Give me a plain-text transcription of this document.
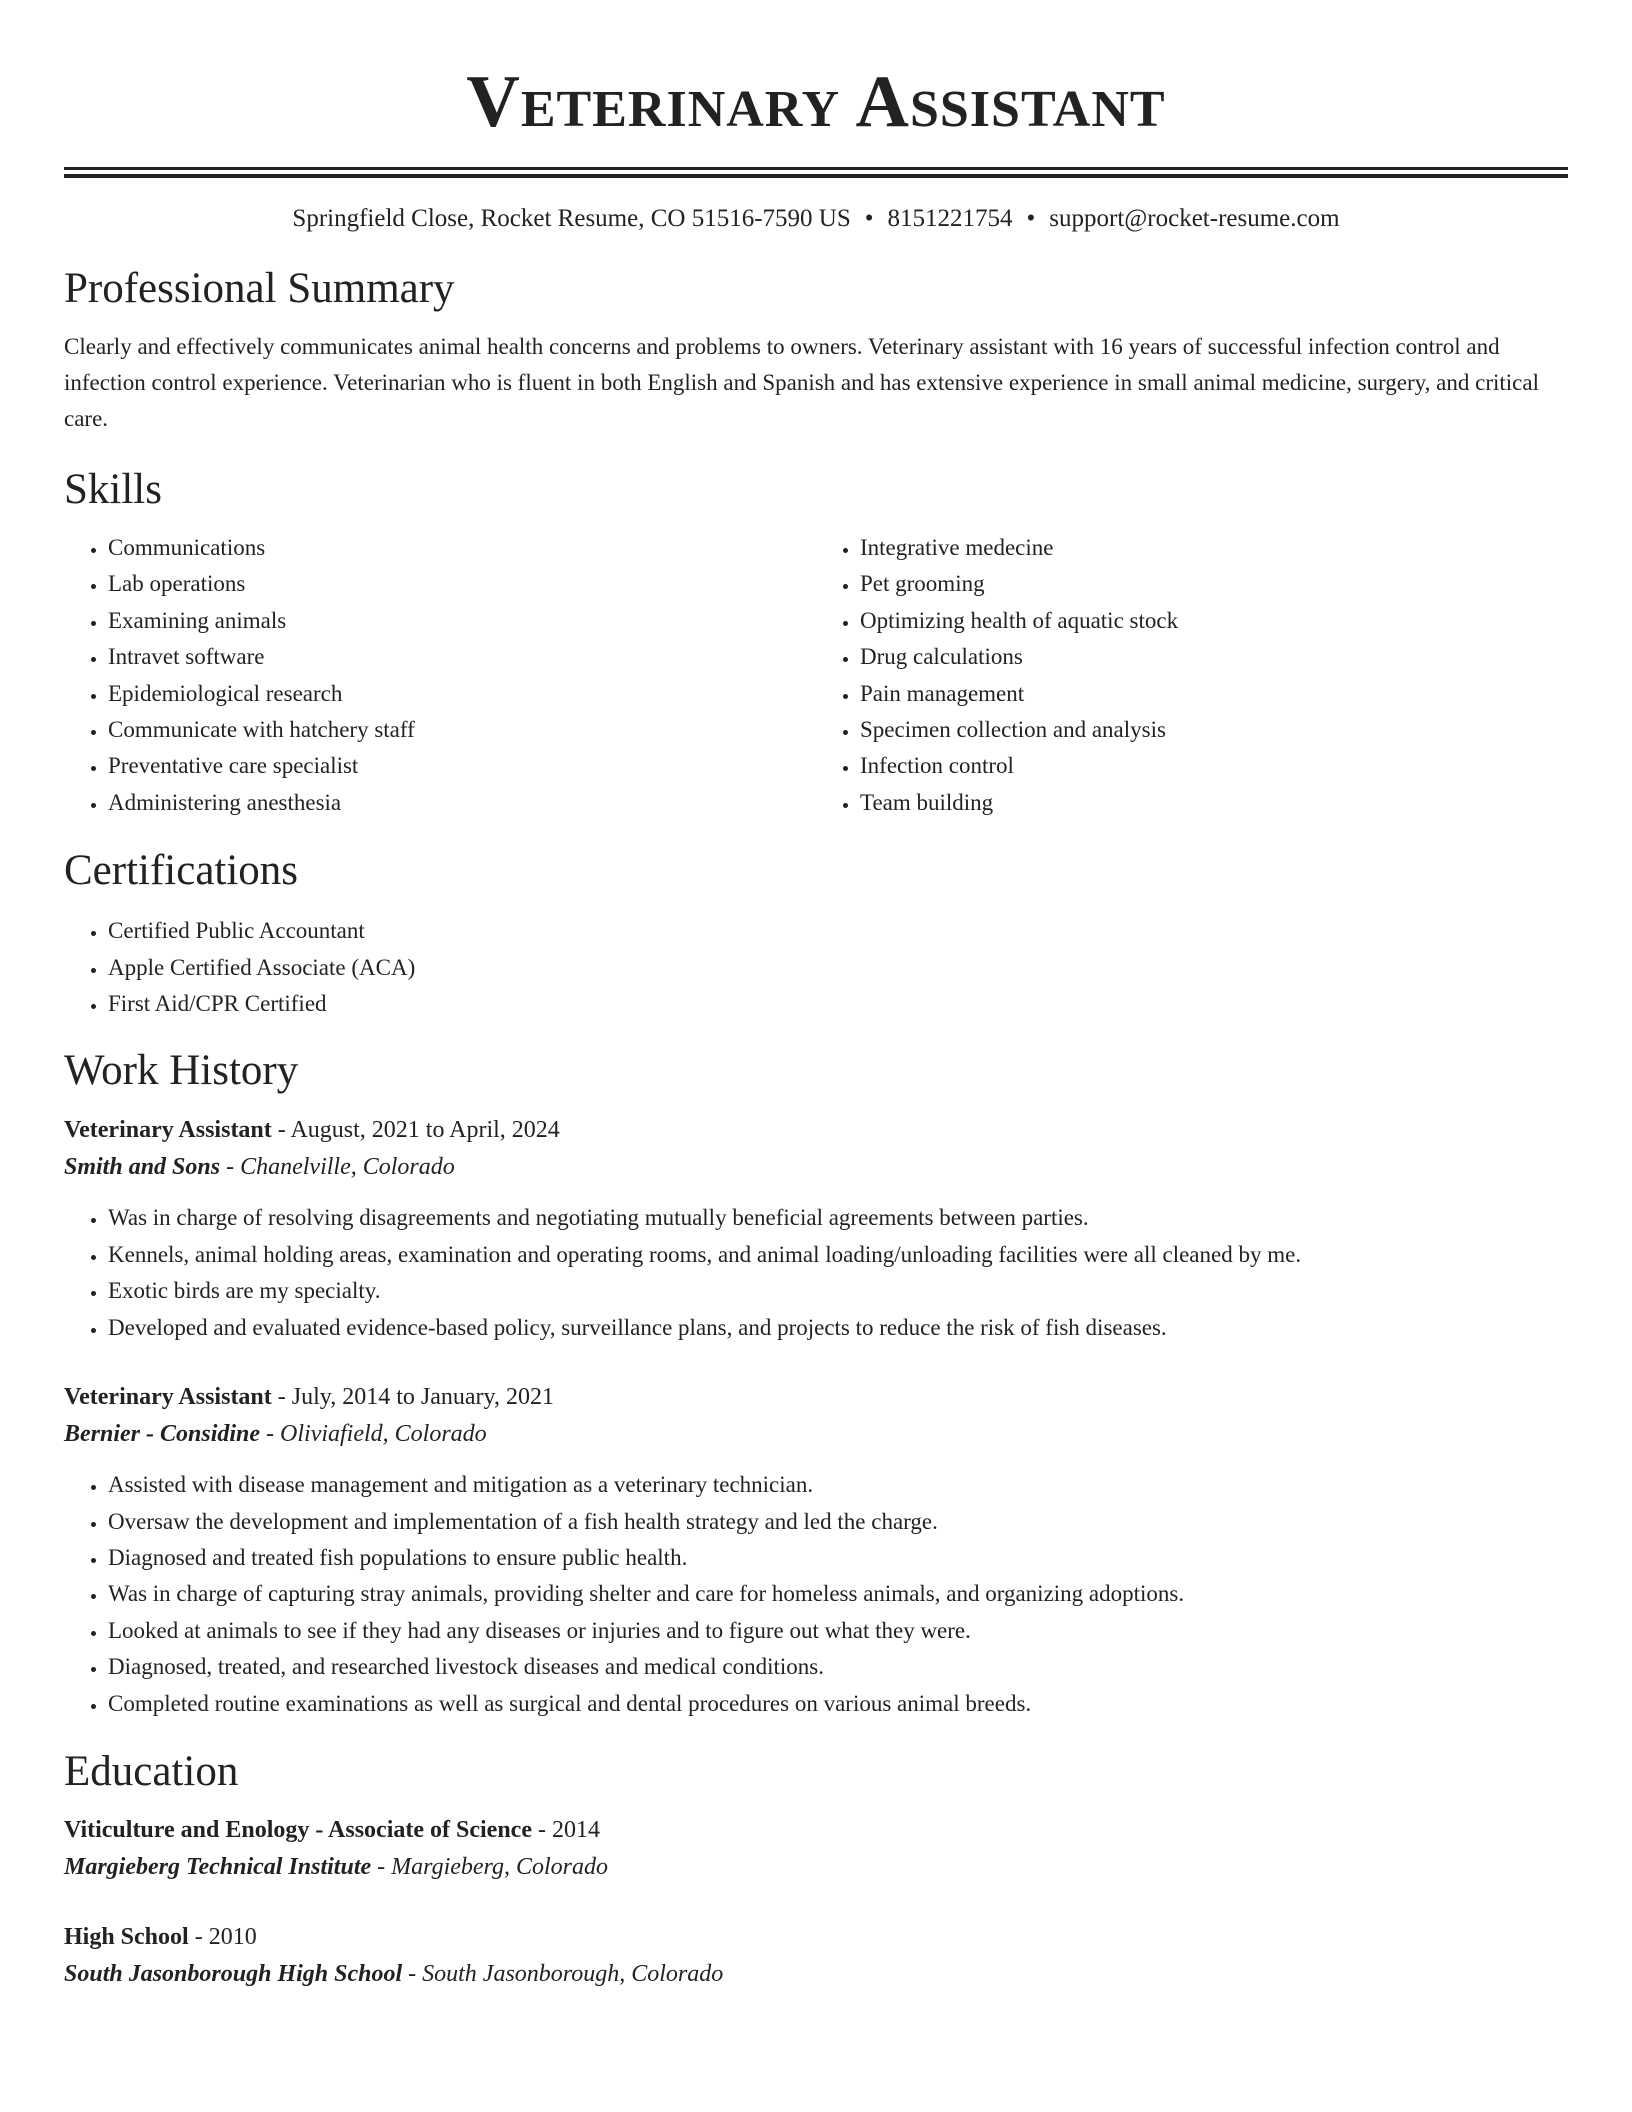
Veterinary Assistant
Springfield Close, Rocket Resume, CO 51516-7590 US • 8151221754 • support@rocket-resume.com
Professional Summary

Clearly and effectively communicates animal health concerns and problems to owners. Veterinary assistant with 16 years of successful infection control and infection control experience. Veterinarian who is fluent in both English and Spanish and has extensive experience in small animal medicine, surgery, and critical care.

Skills
• Communications
• Lab operations
• Examining animals
• Intravet software
• Epidemiological research
• Communicate with hatchery staff
• Preventative care specialist
• Administering anesthesia
• Integrative medecine
• Pet grooming
• Optimizing health of aquatic stock
• Drug calculations
• Pain management
• Specimen collection and analysis
• Infection control
• Team building
Certifications
• Certified Public Accountant
• Apple Certified Associate (ACA)
• First Aid/CPR Certified
Work History

Veterinary Assistant - August, 2021 to April, 2024

Smith and Sons - Chanelville, Colorado

• Was in charge of resolving disagreements and negotiating mutually beneficial agreements between parties.
• Kennels, animal holding areas, examination and operating rooms, and animal loading/unloading facilities were all cleaned by me.
• Exotic birds are my specialty.
• Developed and evaluated evidence-based policy, surveillance plans, and projects to reduce the risk of fish diseases.

Veterinary Assistant - July, 2014 to January, 2021

Bernier - Considine - Oliviafield, Colorado

• Assisted with disease management and mitigation as a veterinary technician.
• Oversaw the development and implementation of a fish health strategy and led the charge.
• Diagnosed and treated fish populations to ensure public health.
• Was in charge of capturing stray animals, providing shelter and care for homeless animals, and organizing adoptions.
• Looked at animals to see if they had any diseases or injuries and to figure out what they were.
• Diagnosed, treated, and researched livestock diseases and medical conditions.
• Completed routine examinations as well as surgical and dental procedures on various animal breeds.
Education

Viticulture and Enology - Associate of Science - 2014

Margieberg Technical Institute - Margieberg, Colorado

High School - 2010

South Jasonborough High School - South Jasonborough, Colorado
